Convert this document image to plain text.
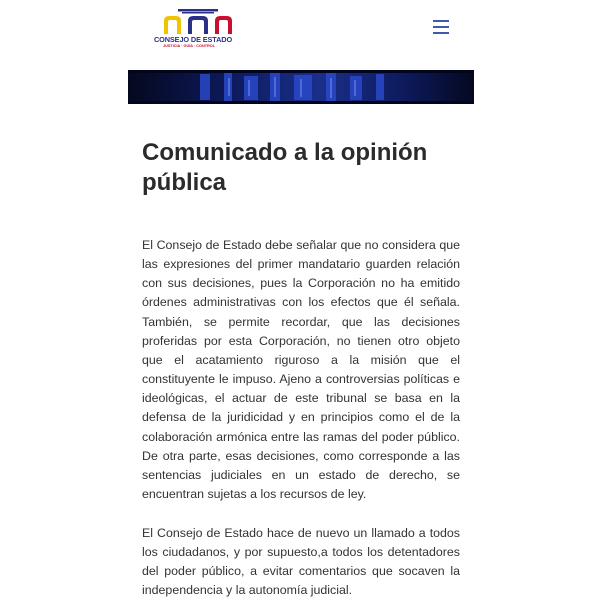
CONSEJO DE ESTADO
JUSTICIA · GUÍA · CONTROL
Comunicado a la opinión pública

El Consejo de Estado debe señalar que no considera que las expresiones del primer mandatario guarden relación con sus decisiones, pues la Corporación no ha emitido órdenes administrativas con los efectos que él señala. También, se permite recordar, que las decisiones proferidas por esta Corporación, no tienen otro objeto que el acatamiento riguroso a la misión que el constituyente le impuso. Ajeno a controversias políticas e ideológicas, el actuar de este tribunal se basa en la defensa de la juridicidad y en principios como el de la colaboración armónica entre las ramas del poder público. De otra parte, esas decisiones, como corresponde a las sentencias judiciales en un estado de derecho, se encuentran sujetas a los recursos de ley.

El Consejo de Estado hace de nuevo un llamado a todos los ciudadanos, y por supuesto,a todos los detentadores del poder público, a evitar comentarios que socaven la independencia y la autonomía judicial.
